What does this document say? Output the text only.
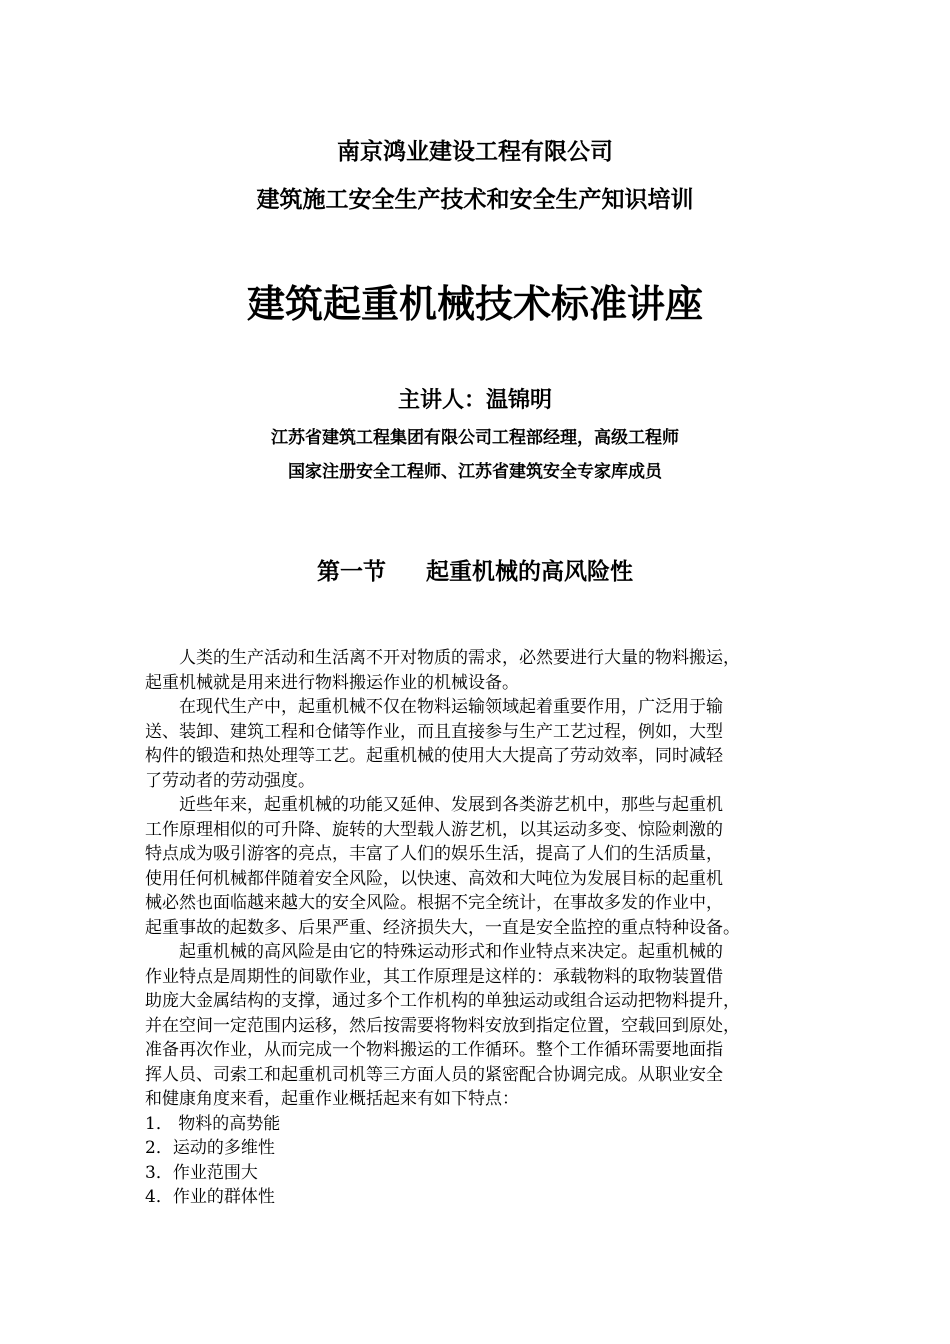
南京鸿业建设工程有限公司
建筑施工安全生产技术和安全生产知识培训
建筑起重机械技术标准讲座
主讲人：温锦明
江苏省建筑工程集团有限公司工程部经理，高级工程师
国家注册安全工程师、江苏省建筑安全专家库成员
第一节 起重机械的高风险性

人类的生产活动和生活离不开对物质的需求，必然要进行大量的物料搬运，
起重机械就是用来进行物料搬运作业的机械设备。

在现代生产中，起重机械不仅在物料运输领域起着重要作用，广泛用于输
送、装卸、建筑工程和仓储等作业，而且直接参与生产工艺过程，例如，大型
构件的锻造和热处理等工艺。起重机械的使用大大提高了劳动效率，同时减轻
了劳动者的劳动强度。

近些年来，起重机械的功能又延伸、发展到各类游艺机中，那些与起重机
工作原理相似的可升降、旋转的大型载人游艺机，以其运动多变、惊险刺激的
特点成为吸引游客的亮点，丰富了人们的娱乐生活，提高了人们的生活质量，
使用任何机械都伴随着安全风险，以快速、高效和大吨位为发展目标的起重机
械必然也面临越来越大的安全风险。根据不完全统计，在事故多发的作业中，
起重事故的起数多、后果严重、经济损失大，一直是安全监控的重点特种设备。

起重机械的高风险是由它的特殊运动形式和作业特点来决定。起重机械的
作业特点是周期性的间歇作业，其工作原理是这样的：承载物料的取物装置借
助庞大金属结构的支撑，通过多个工作机构的单独运动或组合运动把物料提升，
并在空间一定范围内运移，然后按需要将物料安放到指定位置，空载回到原处，
准备再次作业，从而完成一个物料搬运的工作循环。整个工作循环需要地面指
挥人员、司索工和起重机司机等三方面人员的紧密配合协调完成。从职业安全
和健康角度来看，起重作业概括起来有如下特点：

1． 物料的高势能
2．运动的多维性
3．作业范围大
4．作业的群体性
